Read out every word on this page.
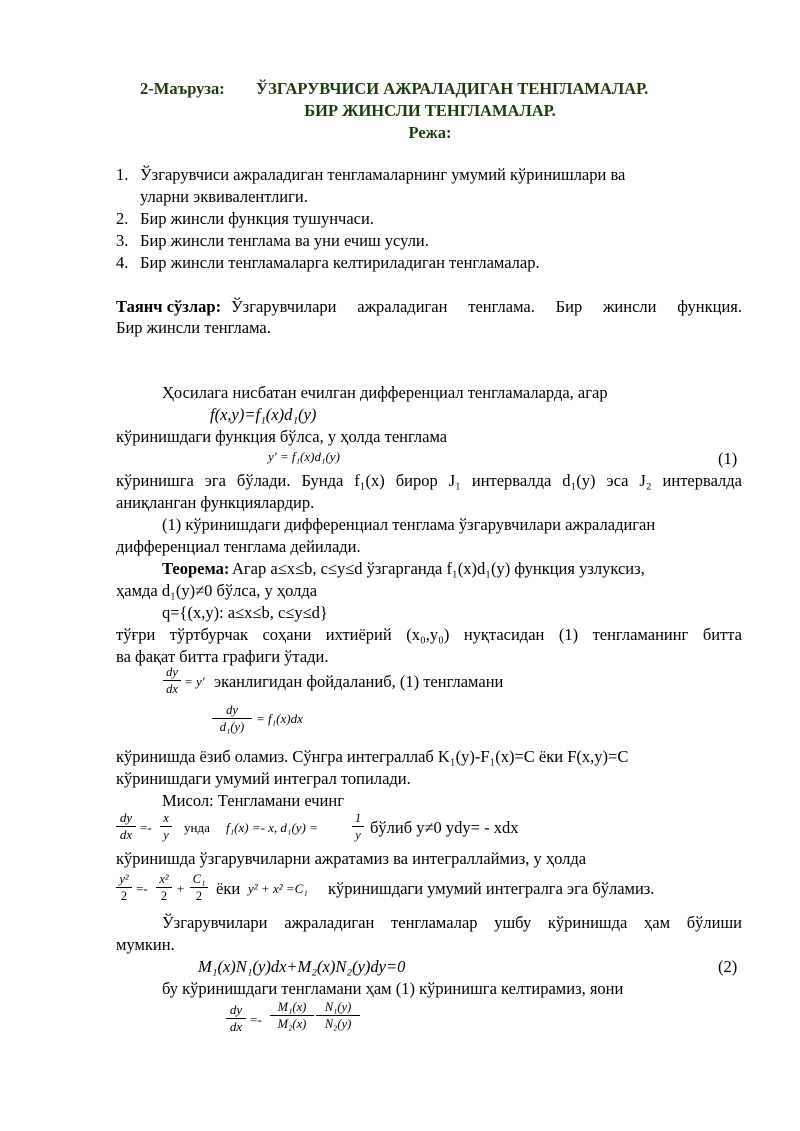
2-Маъруза: ЎЗГАРУВЧИСИ АЖРАЛАДИГАН ТЕНГЛАМАЛАР.
БИР ЖИНСЛИ ТЕНГЛАМАЛАР.
Режа:
1. Ўзгарувчиси ажраладиган тенгламаларнинг умумий кўринишлари ва
уларни эквивалентлиги.
2. Бир жинсли функция тушунчаси.
3. Бир жинсли тенглама ва уни ечиш усули.
4. Бир жинсли тенгламаларга келтириладиган тенгламалар.
Таянч сўзлар: Ўзгарувчилари ажраладиган тенглама. Бир жинсли функция.
Бир жинсли тенглама.
Ҳосилага нисбатан ечилган дифференциал тенгламаларда, агар
f(x,y)=f₁(x)d₁(y)
кўринишдаги функция бўлса, у ҳолда тенглама
y′ = f₁(x)d₁(y)	(1)
кўринишга эга бўлади. Бунда f₁(x) бирор J₁ интервалда d₁(y) эса J₂ интервалда
аниқланган функциялардир.
(1) кўринишдаги дифференциал тенглама ўзгарувчилари ажраладиган
дифференциал тенглама дейилади.
Теорема: Агар a≤x≤b, c≤y≤d ўзгарганда f₁(x)d₁(y) функция узлуксиз,
ҳамда d₁(y)≠0 бўлса, у ҳолда
q={(x,y): a≤x≤b, c≤y≤d}
тўғри тўртбурчак соҳани ихтиёрий (x₀,y₀) нуқтасидан (1) тенгламанинг битта
ва фақат битта графиги ўтади.
dy
dx = y′ эканлигидан фойдаланиб, (1) тенгламани
dy
d₁(y)
= f₁(x)dx
кўринишда ёзиб оламиз. Сўнгра интеграллаб K₁(y)-F₁(x)=C ёки F(x,y)=C
кўринишдаги умумий интеграл топилади.
Мисол: Тенгламани ечинг
dy
dx =-
x
y унда f₁(x) =- x, d₁(y) =
1
y бўлиб y≠0 ydy= - xdx
кўринишда ўзгарувчиларни ажратамиз ва интеграллаймиз, у ҳолда
y²
2 =-
x²
2 +
C₁
2 ёки y² + x² =C₁ кўринишдаги умумий интегралга эга бўламиз.
Ўзгарувчилари ажраладиган тенгламалар ушбу кўринишда ҳам бўлиши
мумкин.
M₁(x)N₁(y)dx+M₂(x)N₂(y)dy=0	(2)
бу кўринишдаги тенгламани ҳам (1) кўринишга келтирамиз, яони
dy
dx =-
M₁(x)
M₂(x)
N₁(y)
N₂(y)
